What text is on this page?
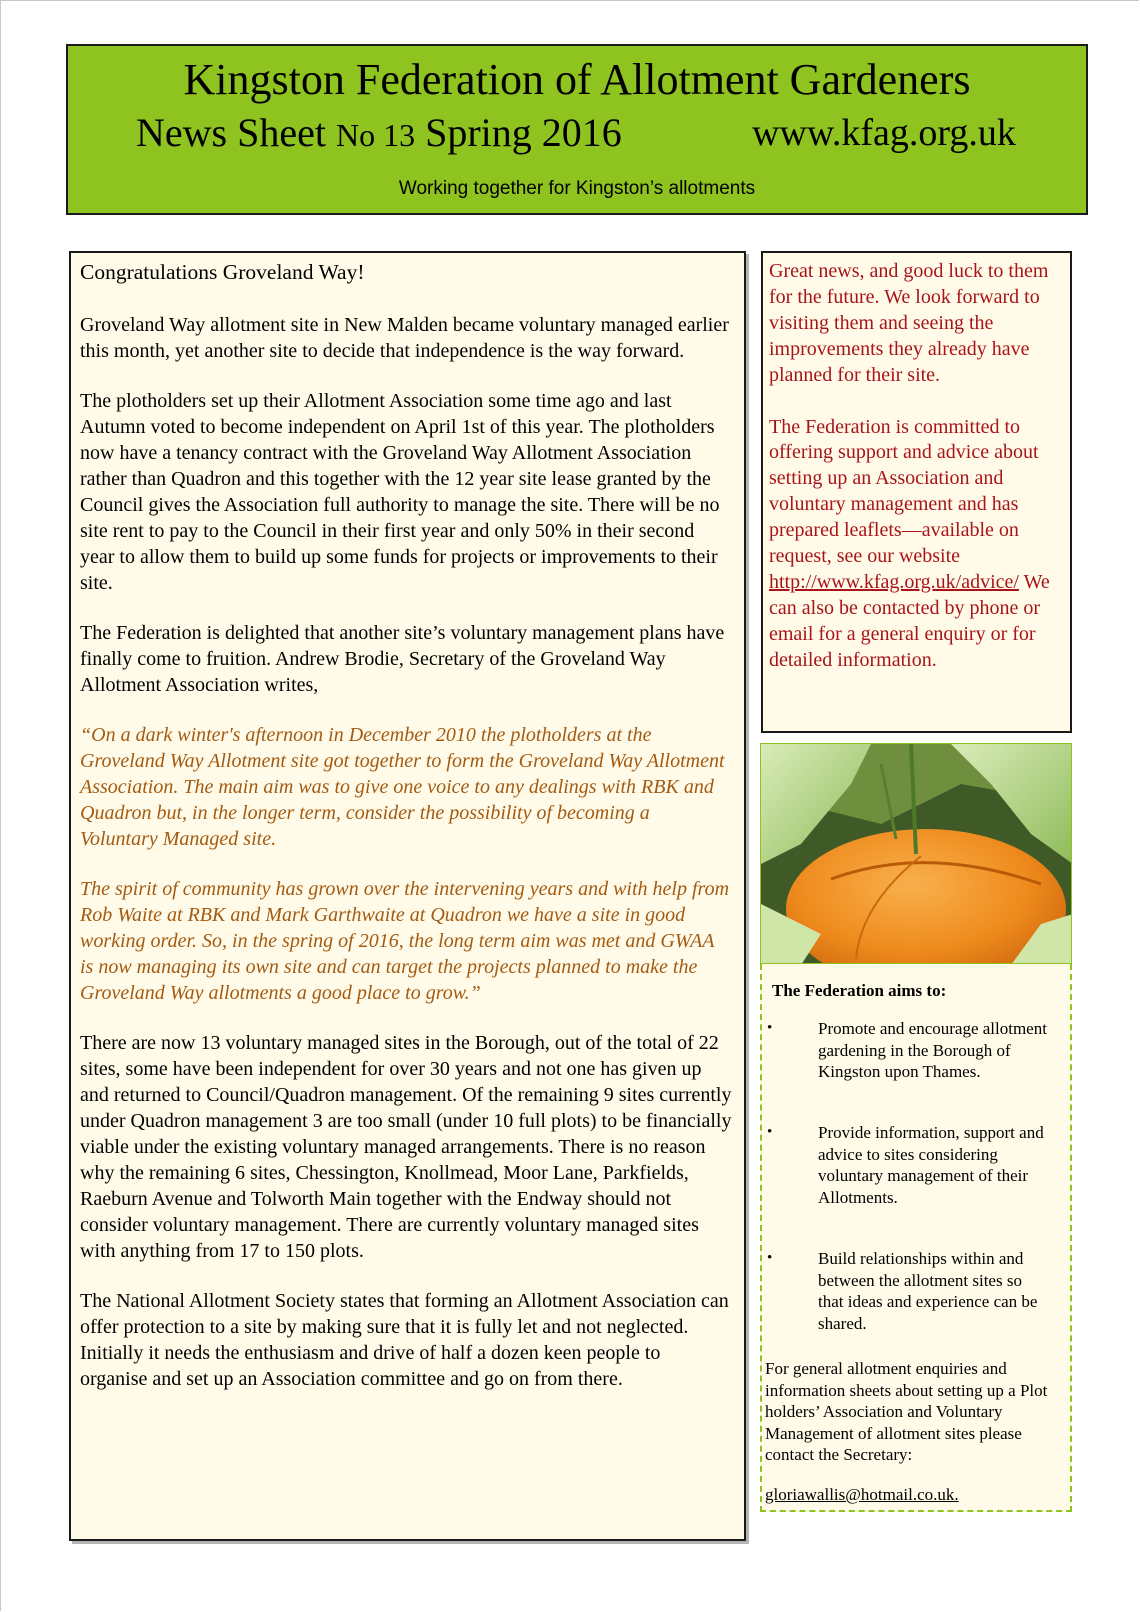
Kingston Federation of Allotment Gardeners
News Sheet No 13 Spring 2016	www.kfag.org.uk
Working together for Kingston’s allotments
Congratulations Groveland Way!

Groveland Way allotment site in New Malden became voluntary managed earlier this month, yet another site to decide that independence is the way forward.

The plotholders set up their Allotment Association some time ago and last Autumn voted to become independent on April 1st of this year. The plotholders now have a tenancy contract with the Groveland Way Allotment Association rather than Quadron and this together with the 12 year site lease granted by the Council gives the Association full authority to manage the site. There will be no site rent to pay to the Council in their first year and only 50% in their second year to allow them to build up some funds for projects or improvements to their site.

The Federation is delighted that another site’s voluntary management plans have finally come to fruition. Andrew Brodie, Secretary of the Groveland Way Allotment Association writes,

“On a dark winter's afternoon in December 2010 the plotholders at the Groveland Way Allotment site got together to form the Groveland Way Allotment Association. The main aim was to give one voice to any dealings with RBK and Quadron but, in the longer term, consider the possibility of becoming a Voluntary Managed site.

The spirit of community has grown over the intervening years and with help from Rob Waite at RBK and Mark Garthwaite at Quadron we have a site in good working order. So, in the spring of 2016, the long term aim was met and GWAA is now managing its own site and can target the projects planned to make the Groveland Way allotments a good place to grow.”

There are now 13 voluntary managed sites in the Borough, out of the total of 22 sites, some have been independent for over 30 years and not one has given up and returned to Council/Quadron management. Of the remaining 9 sites currently under Quadron management 3 are too small (under 10 full plots) to be financially viable under the existing voluntary managed arrangements. There is no reason why the remaining 6 sites, Chessington, Knollmead, Moor Lane, Parkfields, Raeburn Avenue and Tolworth Main together with the Endway should not consider voluntary management. There are currently voluntary managed sites with anything from 17 to 150 plots.

The National Allotment Society states that forming an Allotment Association can offer protection to a site by making sure that it is fully let and not neglected. Initially it needs the enthusiasm and drive of half a dozen keen people to organise and set up an Association committee and go on from there.

Great news, and good luck to them for the future. We look forward to visiting them and seeing the improvements they already have planned for their site.

The Federation is committed to offering support and advice about setting up an Association and voluntary management and has prepared leaflets—available on request, see our website http://www.kfag.org.uk/advice/ We can also be contacted by phone or email for a general enquiry or for detailed information.

The Federation aims to:
•	Promote and encourage allotment gardening in the Borough of Kingston upon Thames.
•	Provide information, support and advice to sites considering voluntary management of their Allotments.
•	Build relationships within and between the allotment sites so that ideas and experience can be shared.
For general allotment enquiries and information sheets about setting up a Plot holders’ Association and Voluntary Management of allotment sites please contact the Secretary:
gloriawallis@hotmail.co.uk.
